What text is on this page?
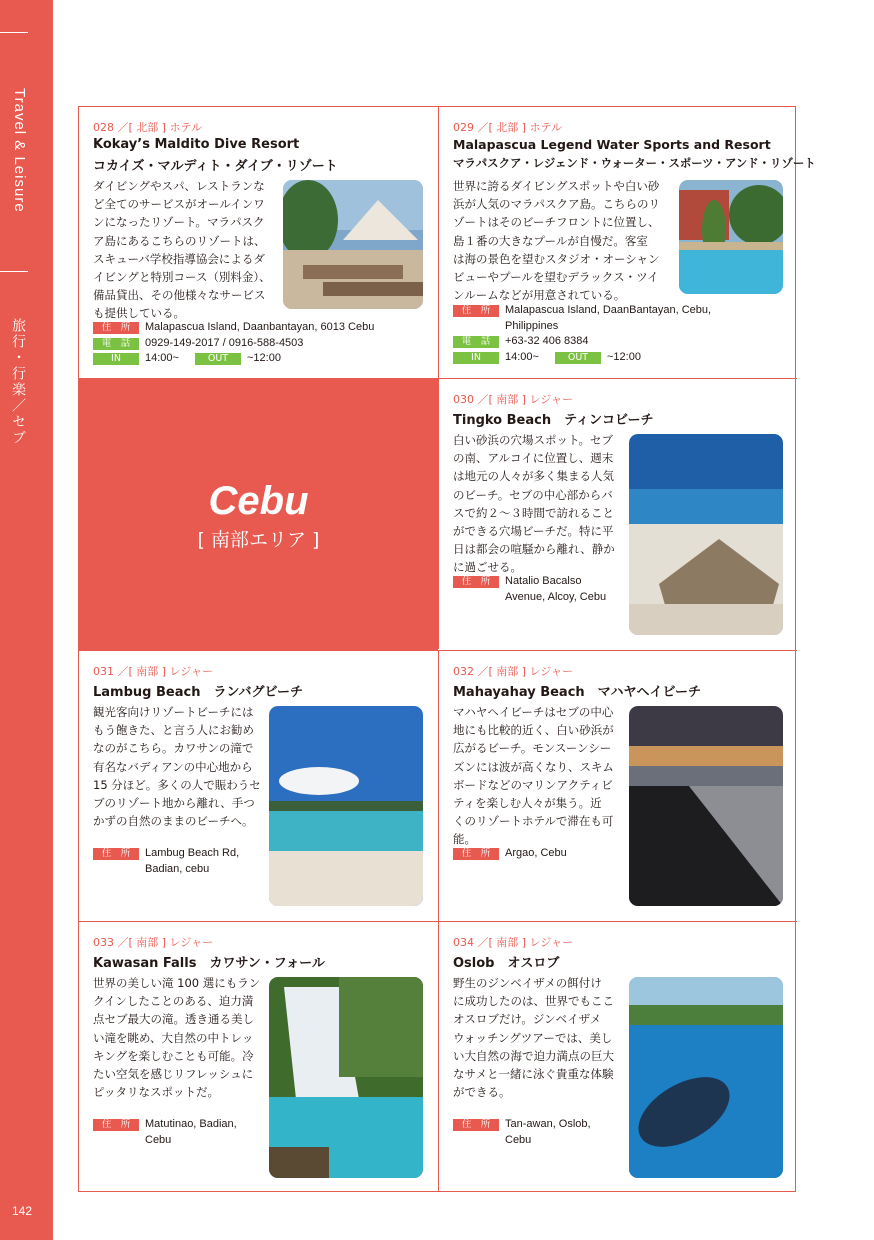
Travel & Leisure
旅行・行楽／セブ
142
028 ／[ 北部 ] ホテル
Kokay’s Maldito Dive Resort
コカイズ・マルディト・ダイブ・リゾート
ダイビングやスパ、レストランな
ど全てのサービスがオールインワ
ンになったリゾート。マラパスク
ア島にあるこちらのリゾートは、
スキューバ学校指導協会によるダ
イビングと特別コース（別料金）、
備品貸出、その他様々なサービス
も提供している。
住　所	Malapascua Island, Daanbantayan, 6013 Cebu
電　話	0929-149-2017 / 0916-588-4503
IN	14:00~	OUT	~12:00
029 ／[ 北部 ] ホテル
Malapascua Legend Water Sports and Resort
マラパスクア・レジェンド・ウォーター・スポーツ・アンド・リゾート
世界に誇るダイビングスポットや白い砂
浜が人気のマラパスクア島。こちらのリ
ゾートはそのビーチフロントに位置し、
島１番の大きなプールが自慢だ。客室
は海の景色を望むスタジオ・オーシャン
ビューやプールを望むデラックス・ツイ
ンルームなどが用意されている。
住　所	Malapascua Island, DaanBantayan, Cebu,
Philippines
電　話	+63-32 406 8384
IN	14:00~	OUT	~12:00
Cebu
[ 南部エリア ]
030 ／[ 南部 ] レジャー
Tingko Beach　ティンコビーチ
白い砂浜の穴場スポット。セブ
の南、アルコイに位置し、週末
は地元の人々が多く集まる人気
のビーチ。セブの中心部からバ
スで約２～３時間で訪れること
ができる穴場ビーチだ。特に平
日は都会の喧騒から離れ、静か
に過ごせる。
住　所	Natalio Bacalso
Avenue, Alcoy, Cebu
031 ／[ 南部 ] レジャー
Lambug Beach　ランバグビーチ
観光客向けリゾートビーチには
もう飽きた、と言う人にお勧め
なのがこちら。カワサンの滝で
有名なバディアンの中心地から
15 分ほど。多くの人で賑わうセ
ブのリゾート地から離れ、手つ
かずの自然のままのビーチへ。
住　所	Lambug Beach Rd,
Badian, cebu
032 ／[ 南部 ] レジャー
Mahayahay Beach　マハヤヘイビーチ
マハヤヘイビーチはセブの中心
地にも比較的近く、白い砂浜が
広がるビーチ。モンスーンシー
ズンには波が高くなり、スキム
ボードなどのマリンアクティビ
ティを楽しむ人々が集う。近
くのリゾートホテルで滞在も可
能。
住　所	Argao, Cebu
033 ／[ 南部 ] レジャー
Kawasan Falls　カワサン・フォール
世界の美しい滝 100 選にもラン
クインしたことのある、迫力満
点セブ最大の滝。透き通る美し
い滝を眺め、大自然の中トレッ
キングを楽しむことも可能。冷
たい空気を感じリフレッシュに
ピッタリなスポットだ。
住　所	Matutinao, Badian,
Cebu
034 ／[ 南部 ] レジャー
Oslob　オスロブ
野生のジンベイザメの餌付け
に成功したのは、世界でもここ
オスロブだけ。ジンベイザメ
ウォッチングツアーでは、美し
い大自然の海で迫力満点の巨大
なサメと一緒に泳ぐ貴重な体験
ができる。
住　所	Tan-awan, Oslob,
Cebu
